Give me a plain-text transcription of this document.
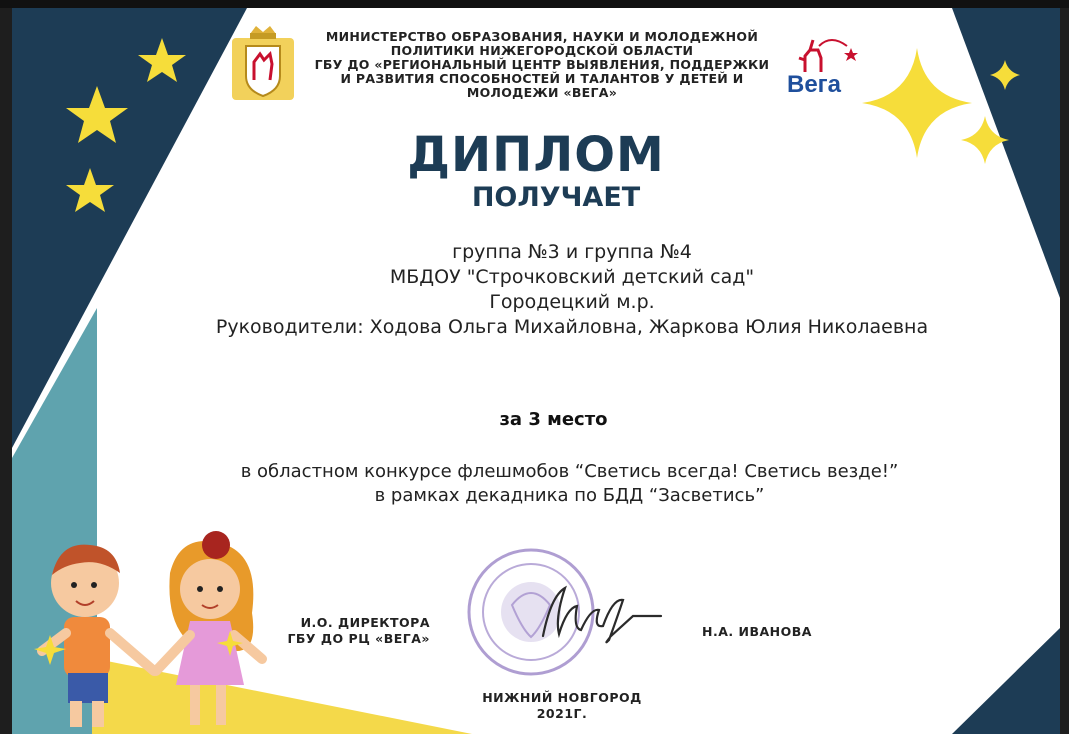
МИНИСТЕРСТВО ОБРАЗОВАНИЯ, НАУКИ И МОЛОДЕЖНОЙ
ПОЛИТИКИ НИЖЕГОРОДСКОЙ ОБЛАСТИ
ГБУ ДО «РЕГИОНАЛЬНЫЙ ЦЕНТР ВЫЯВЛЕНИЯ, ПОДДЕРЖКИ
И РАЗВИТИЯ СПОСОБНОСТЕЙ И ТАЛАНТОВ У ДЕТЕЙ И
МОЛОДЕЖИ «ВЕГА»	Вега
ДИПЛОМ
ПОЛУЧАЕТ
группа №3 и группа №4
МБДОУ "Строчковский детский сад"
Городецкий м.р.
Руководители: Ходова Ольга Михайловна, Жаркова Юлия Николаевна
за 3 место
в областном конкурсе флешмобов “Светись всегда! Светись везде!”
в рамках декадника по БДД “Засветись”
И.О. ДИРЕКТОРА
ГБУ ДО РЦ «ВЕГА»	Н.А. ИВАНОВА
НИЖНИЙ НОВГОРОД
2021Г.
